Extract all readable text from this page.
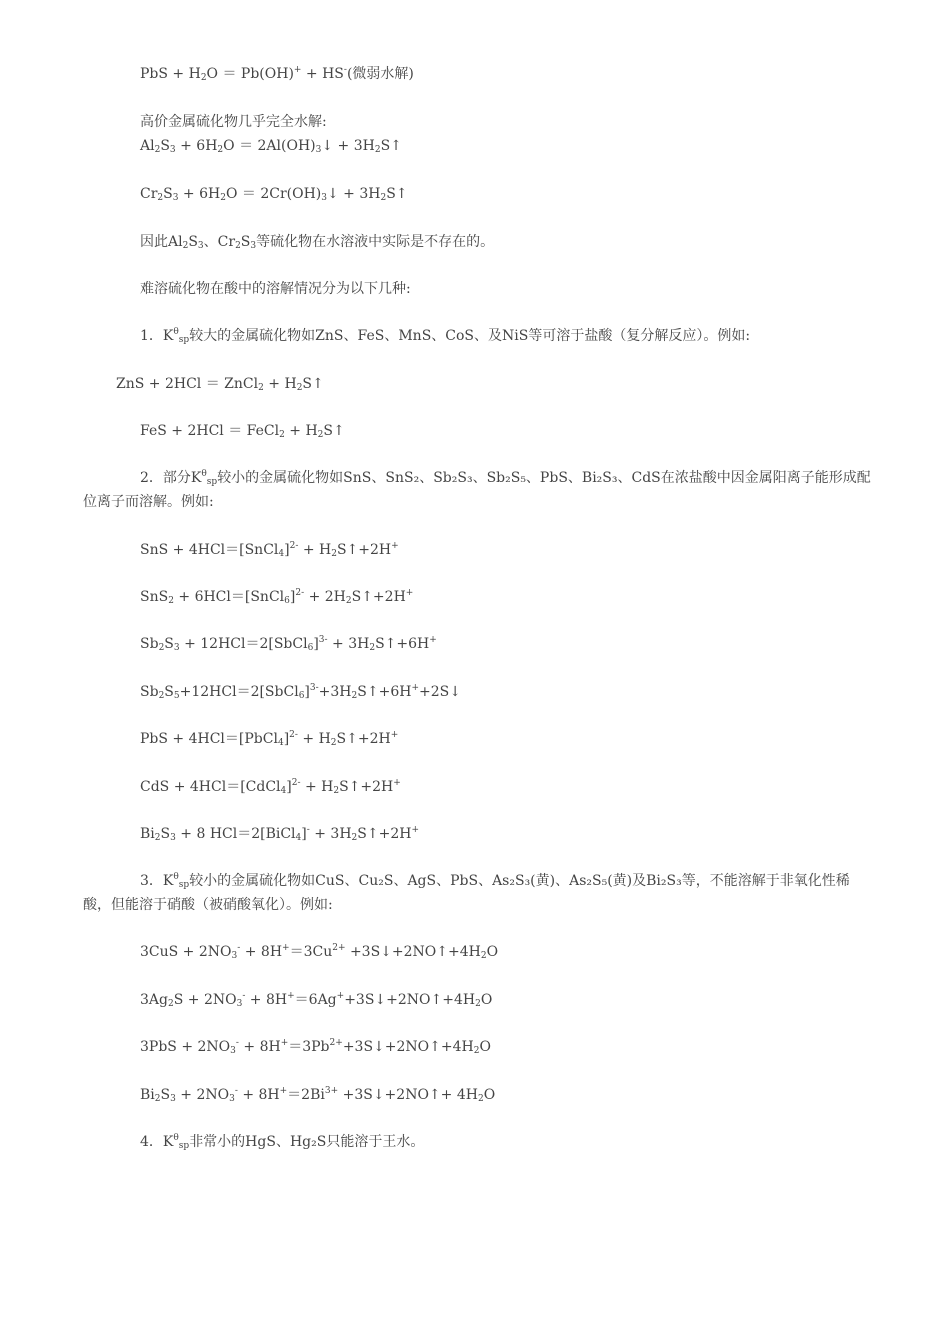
PbS + $H_2O = Pb(OH)^+ + HS^-$(微弱水解)
高价金属硫化物几乎完全水解:
$Al_2S_3 + 6H_2O$ ＝ $2Al(OH)_3↓$ + $3H_2S↑$
$Cr_2S_3 + 6H_2O$ ＝ $2Cr(OH)_3↓$ + $3H_2S↑$
因此$Al_2S_3$、$Cr_2S_3$等硫化物在水溶液中实际是不存在的。
难溶硫化物在酸中的溶解情况分为以下几种:
1．$K^\theta_{sp}$较大的金属硫化物如ZnS、FeS、MnS、CoS、及NiS等可溶于盐酸（复分解反应）。例如:
ZnS + 2HCl ＝ ZnCl$_2$ + $H_2S↑$
FeS + 2HCl ＝ FeCl$_2$ + $H_2S↑$
2．部分$K^\theta_{sp}$较小的金属硫化物如SnS、SnS₂、Sb₂S₃、Sb₂S₅、PbS、Bi₂S₃、CdS在浓盐酸中因金属阳离子能形成配位离子而溶解。例如:
SnS + 4HCl＝[SnCl$_4$]$^{2-}$ + $H_2S↑+2H^+$
SnS$_2$ + 6HCl＝[SnCl$_6$]$^{2-}$ + $2H_2S↑+2H^+$
$Sb_2S_3$ + 12HCl＝2[SbCl$_6$]$^{3-}$ + $3H_2S↑+6H^+$
$Sb_2S_5+12HCl=2[SbCl_6]^{3-}+3H_2S↑+6H^++2S↓$
PbS + 4HCl＝[PbCl$_4$]$^{2-}$ + $H_2S↑+2H^+$
CdS + 4HCl＝[CdCl$_4$]$^{2-}$ + $H_2S↑+2H^+$
$Bi_2S_3 + 8$ HCl＝2[BiCl$_4$]- + $3H_2S↑+2H^+$
3．$K^\theta_{sp}$较小的金属硫化物如CuS、Cu₂S、AgS、PbS、As₂S₃(黄)、As₂S₅(黄)及Bi₂S₃等，不能溶解于非氧化性稀酸，但能溶于硝酸（被硝酸氧化）。例如:
$3CuS + 2NO_3^- + 8H^+=3Cu^{2+}$ $+3S↓+2NO↑+4H_2O$
$3Ag_2S + 2NO_3^-$ + $8H^+=6Ag^++3S↓+2NO↑+4H_2O$
$3PbS + 2NO_3^-$ + $8H^+=3Pb^{2+}+3S↓+2NO↑+4H_2O$
$Bi_2S_3 + 2NO_3^- + 8H^+=2Bi^{3+}$ +3S↓+2NO↑+ $4H_2O$
4．$K^\theta_{sp}$非常小的HgS、Hg₂S只能溶于王水。
